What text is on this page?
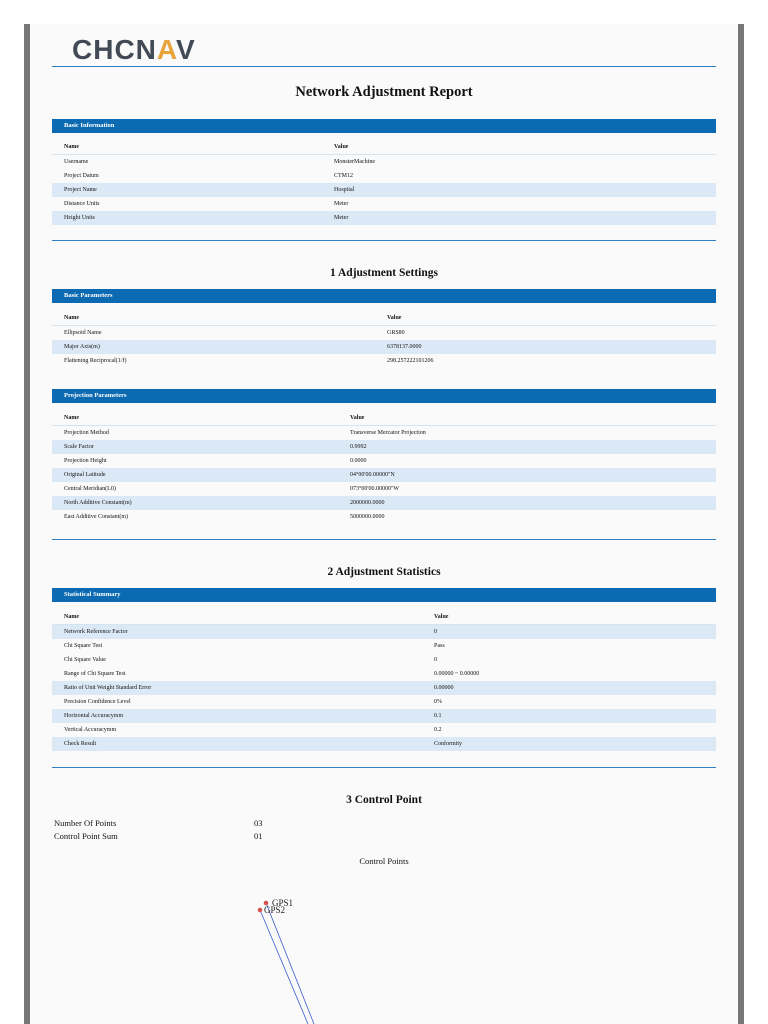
CHCNAV
Network Adjustment Report
Basic Information
Name	Value
Username	MonsterMachine
Project Datum	CTM12
Project Name	Hospital
Distance Units	Meter
Height Units	Meter
1 Adjustment Settings
Basic Parameters
Name	Value
Ellipsoid Name	GRS80
Major Axis(m)	6378137.0000
Flattening Reciprocal(1/f)	298.257222101206
Projection Parameters
Name	Value
Projection Method	Transverse Mercator Projection
Scale Factor	0.9992
Projection Height	0.0000
Original Latitude	04°00'00.00000"N
Central Meridian(L0)	073°00'00.00000"W
North Additive Constant(m)	2000000.0000
East Additive Constant(m)	5000000.0000
2 Adjustment Statistics
Statistical Summary
Name	Value
Network Reference Factor	0
Chi Square Test	Pass
Chi Square Value	0
Range of Chi Square Test	0.00000 ~ 0.00000
Ratio of Unit Weight Standard Error	0.00000
Precision Confidence Level	0%
Horizontal Accuracymm	0.1
Vertical Accuracymm	0.2
Check Result	Conformity
3 Control Point
Number Of Points	03
Control Point Sum	01
Control Points
GPS1
GPS2
